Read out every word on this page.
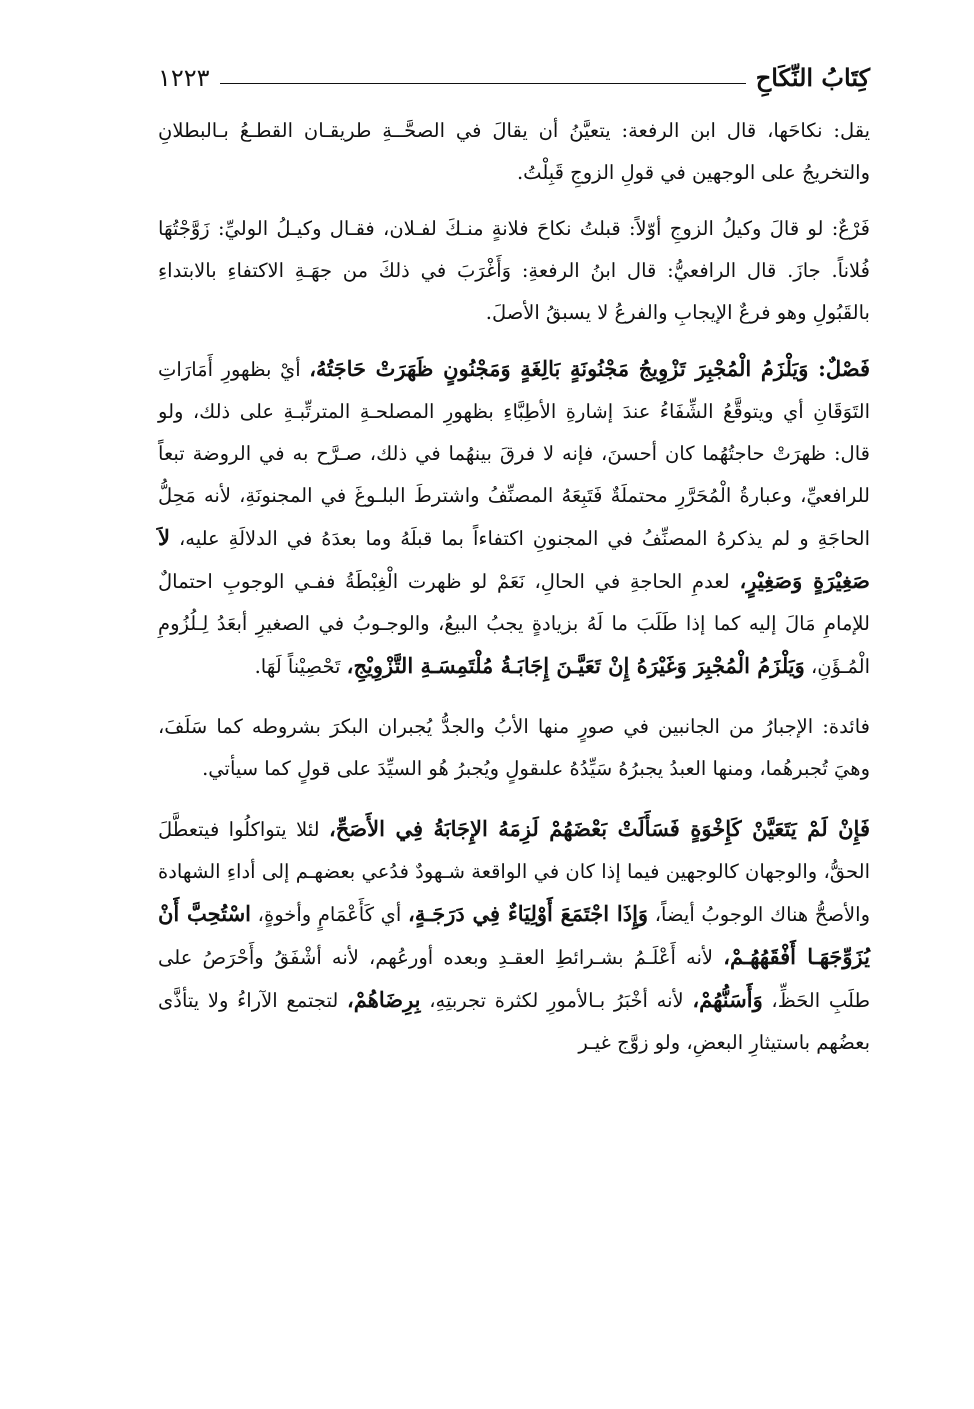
كِتَابُ النِّكَاحِ
١٢٢٣

يقل: نكاحَها، قال ابن الرفعة: يتعيَّنُ أن يقالَ في الصحَّــةِ طريقـان القطـعُ بـالبطلانِ والتخريجُ على الوجهين في قولِ الزوجِ قَبِلْتُ.

فَرْعٌ: لو قالَ وكيلُ الزوجِ أوّلاً: قبلتُ نكاحَ فلانةٍ منـكَ لفـلان، فقـال وكيـلُ الوليِّ: زَوَّجْتُهَا فُلاناً. جازَ. قال الرافعيُّ: قال ابنُ الرفعةِ: وَأَغْرَبَ في ذلكَ من جهَـةِ الاكتفاءِ بالابتداءِ بالقَبُولِ وهو فرعٌ الإيجابِ والفرعُ لا يسبقُ الأصلَ.

فَصْلٌ: وَيَلْزَمُ الْمُجْبِرَ تَزْوِيجُ مَجْنُونَةٍ بَالِغَةٍ وَمَجْنُونٍ ظَهَرَتْ حَاجَتُهُ، أيْ بظهورِ أَمَارَاتِ التَوَقَانِ أي ويتوقَّعُ الشِّفَاءُ عندَ إشارةِ الأطِبَّاءِ بظهورِ المصلحـةِ المترتِّبـةِ على ذلك، ولو قال: ظهرَتْ حاجتُهُما كان أحسنَ، فإنه لا فرقَ بينهُما في ذلك، صـرَّح به في الروضة تبعاً للرافعيِّ، وعبارةُ الْمُحَرَّرِ محتملَةٌ فَتَبِعَهُ المصنِّفُ واشترطَ البلـوغَ في المجنونَةِ، لأنه مَحِلُّ الحاجَةِ و لم يذكرهُ المصنِّفُ في المجنونِ اكتفاءاً بما قبلَهُ وما بعدَهُ في الدلالَةِ عليه، لاَ صَغِيْرَةٍ وَصَغِيْرٍ، لعدمِ الحاجةِ في الحالِ، نَعَمْ لو ظهرت الْغِبْطَةُ ففـي الوجوبِ احتمالٌ للإمامِ مَالَ إليه كما إذا طَلَبَ ما لَهُ بزيادةٍ يجبُ البيعُ، والوجـوبُ في الصغيرِ أبعَدُ لِـلُزُومِ الْمُـؤَنِ، وَيَلْزَمُ الْمُجْبِرَ وَغَيْرَهُ إِنْ تَعَيَّـنَ إِجَابَـةُ مُلْتَمِسَـةِ التَّزْوِيْجِ، تَحْصِيْناً لَهَا.

فائدة: الإجبارُ من الجانبين في صورٍ منها الأبُ والجدُّ يُجبران البكرَ بشروطه كما سَلَفَ، وهيَ تُجبرهُما، ومنها العبدُ يجبرُهُ سَيِّدُهُ علىقولٍ ويُجبرُ هُو السيِّدَ على قولٍ كما سيأتي.

فَإِنْ لَمْ يَتَعَيَّنْ كَإِخْوَةٍ فَسَأَلَتْ بَعْضَهُمْ لَزِمَهُ الإِجَابَةُ فِي الأَصَحِّ، لئلا يتواكلُوا فيتعطَّلَ الحقُّ، والوجهان كالوجهين فيما إذا كان في الواقعة شـهودٌ فدُعي بعضهـم إلى أداءِ الشهادة والأصحُّ هناك الوجوبُ أيضاً، وَإِذَا اجْتَمَعَ أَوْلِيَاءٌ فِي دَرَجَـةٍ، أي كَأَعْمَامٍ وأخوةٍ، اسْتُحِبَّ أَنْ يُزَوِّجَهَـا أَفْقَهُهُـمْ، لأنه أَعْلَـمُ بشـرائطِ العقـدِ وبعده أورعُهم، لأنه أشْفَقُ وأَحْرَصُ على طلَبِ الحَظِّ، وَأَسَنُّهُمْ، لأنه أخْبَرُ بـالأمورِ لكثرة تجربتِهِ، بِرِضَاهُمْ، لتجتمع الآراءُ ولا يتأذَّى بعضُهم باستيثارِ البعضِ، ولو زوَّج غيـر
